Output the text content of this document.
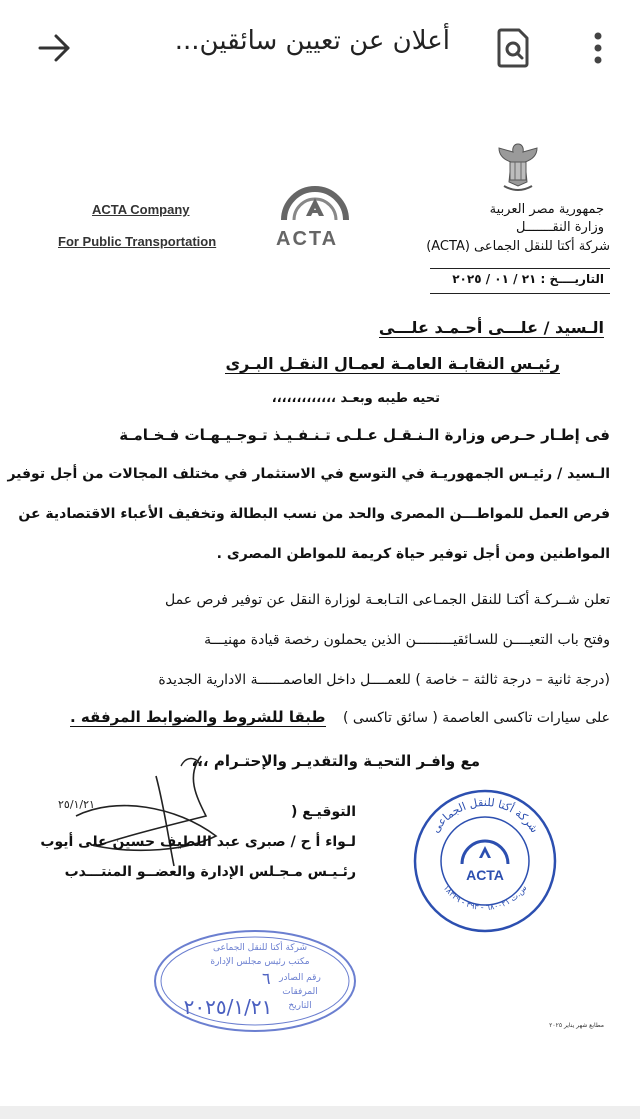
أعلان عن تعيين سائقين...
جمهورية مصر العربية
وزارة النقـــــــل
شركة أكتا للنقل الجماعى (ACTA)
ACTA
ACTA Company
For Public Transportation
التاريــــخ : ٢١ / ٠١ / ٢٠٢٥
الـسيد / علـــى أحـمـد علـــى
رئيـس النقابـة العامـة لعمـال النقـل البـرى
تحيه طيبه وبعـد ،،،،،،،،،،،،،
فى إطـار حـرص وزارة الـنـقـل عـلـى تـنـفـيـذ تـوجـيـهـات فـخـامـة
الـسيد / رئيـس الجمهوريـة في التوسع في الاستثمار في مختلف المجالات من أجل توفير
فرص العمل للمواطـــن المصرى والحد من نسب البطالة وتخفيف الأعباء الاقتصادية عن
المواطنين ومن أجل توفير حياة كريمة للمواطن المصرى .
تعلن شــركـة أكتـا للنقل الجمـاعى التـابعـة لوزارة النقل عن توفير فرص عمل
وفتح باب التعيــــن للسـائقيـــــــــن الذين يحملون رخصة قيادة مهنيـــة
(درجة ثانية – درجة ثالثة – خاصة ) للعمــــل داخل العاصمــــــة الادارية الجديدة
على سيارات تاكسى العاصمة ( سائق تاكسى )
طبقا للشروط والضوابط المرفقه .
مع وافـر التحيـة والتقديـر والإحتـرام ،،،
٢٥/١/٢١	التوقيـع (
لـواء أ ح / صبرى عبد اللطيف حسين على أيوب
رئـيـس مـجـلس الإدارة والعضــو المنتـــدب
شركة أكتا للنقل الجماعى
س.ت ٦٨٠٠٢١ - ٣٩٣ - ١٨٣٢٩
ACTA
شركة أكتا للنقل الجماعى
مكتب رئيس مجلس الإدارة
رقم الصادر
المرفقات
التاريخ
٢٠٢٥/١/٢١
٦
مطابع شهر يناير ٢٠٢٥
